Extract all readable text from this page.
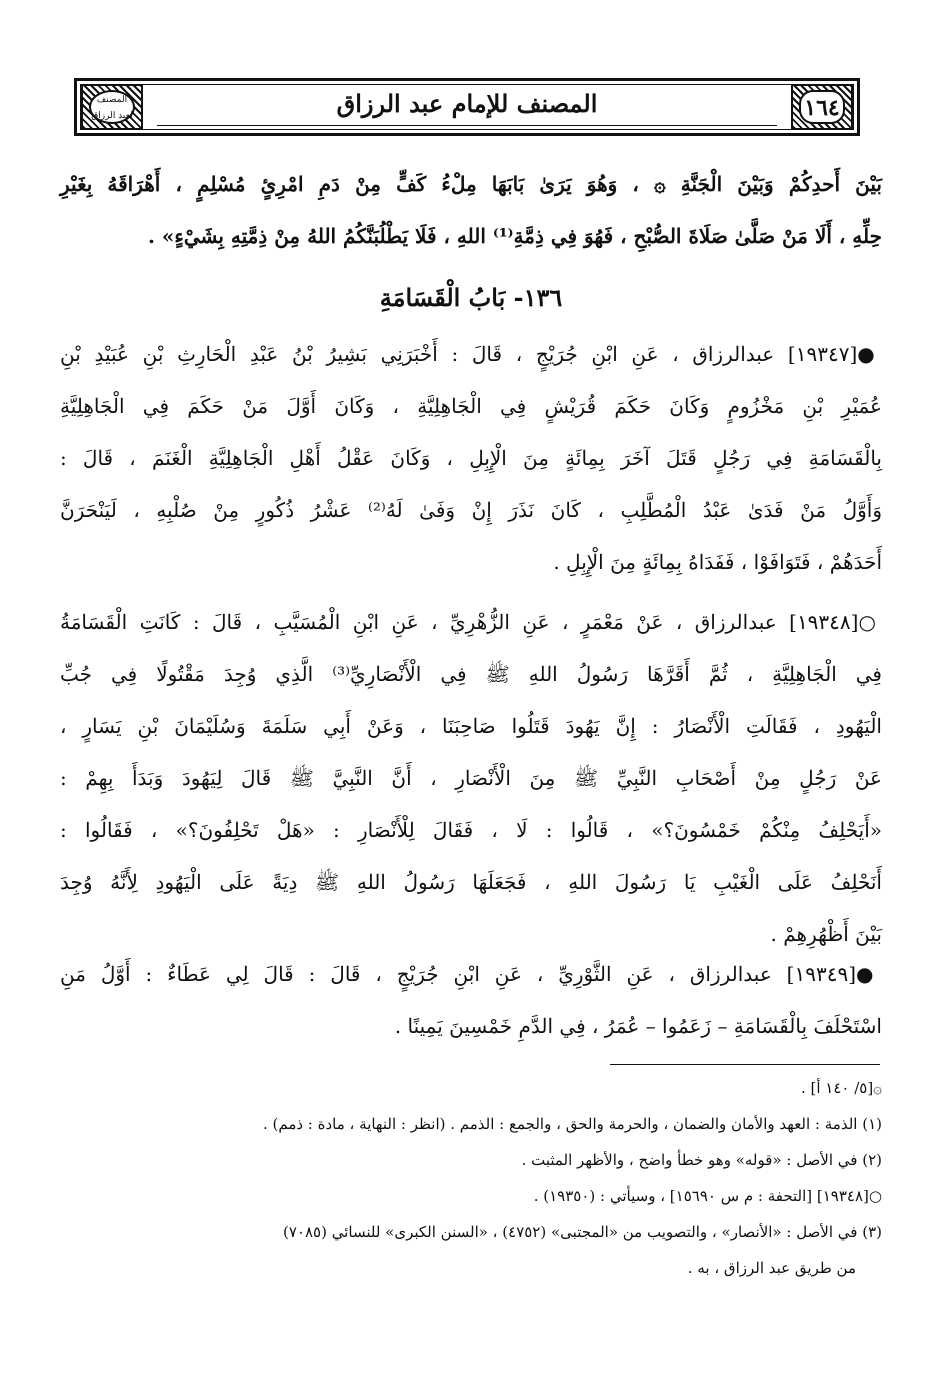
المصنف لعبد الرزاق	المصنف للإمام عبد الرزاق	١٦٤
بَيْنَ أَحدِكُمْ وَبَيْنَ الْجَنَّةِ ۞ ، وَهُوَ يَرَىٰ بَابَهَا مِلْءُ كَفٍّ مِنْ دَمِ امْرِئٍ مُسْلِمٍ ، أَهْرَاقَهُ بِغَيْرِ
حِلِّهِ ، أَلَا مَنْ صَلَّىٰ صَلَاةَ الصُّبْحِ ، فَهُوَ فِي ذِمَّةِ⁽¹⁾ اللهِ ، فَلَا يَطْلُبَنَّكُمُ اللهُ مِنْ ذِمَّتِهِ بِشَيْءٍ» .
١٣٦- بَابُ الْقَسَامَةِ
●[١٩٣٤٧] عبدالرزاق ، عَنِ ابْنِ جُرَيْجٍ ، قَالَ : أَخْبَرَنِي بَشِيرُ بْنُ عَبْدِ الْحَارِثِ بْنِ عُبَيْدِ بْنِ
عُمَيْرِ بْنِ مَخْزُومٍ وَكَانَ حَكَمَ قُرَيْشٍ فِي الْجَاهِلِيَّةِ ، وَكَانَ أَوَّلَ مَنْ حَكَمَ فِي الْجَاهِلِيَّةِ
بِالْقَسَامَةِ فِي رَجُلٍ قَتَلَ آخَرَ بِمِائَةٍ مِنَ الْإِبِلِ ، وَكَانَ عَقْلُ أَهْلِ الْجَاهِلِيَّةِ الْغَنَمَ ، قَالَ :
وَأَوَّلُ مَنْ فَدَىٰ عَبْدُ الْمُطَّلِبِ ، كَانَ نَذَرَ إِنْ وَفَىٰ لَهُ⁽²⁾ عَشْرُ ذُكُورٍ مِنْ صُلْبِهِ ، لَيَنْحَرَنَّ
أَحَدَهُمْ ، فَتَوَافَوْا ، فَفَدَاهُ بِمِائَةٍ مِنَ الْإِبِلِ .
○[١٩٣٤٨] عبدالرزاق ، عَنْ مَعْمَرٍ ، عَنِ الزُّهْرِيِّ ، عَنِ ابْنِ الْمُسَيَّبِ ، قَالَ : كَانَتِ الْقَسَامَةُ
فِي الْجَاهِلِيَّةِ ، ثُمَّ أَقَرَّهَا رَسُولُ اللهِ ﷺ فِي الْأَنْصَارِيِّ⁽³⁾ الَّذِي وُجِدَ مَقْتُولًا فِي جُبِّ
الْيَهُودِ ، فَقَالَتِ الْأَنْصَارُ : إِنَّ يَهُودَ قَتَلُوا صَاحِبَنَا ، وَعَنْ أَبِي سَلَمَةَ وَسُلَيْمَانَ بْنِ يَسَارٍ ،
عَنْ رَجُلٍ مِنْ أَصْحَابِ النَّبِيِّ ﷺ مِنَ الْأَنْصَارِ ، أَنَّ النَّبِيَّ ﷺ قَالَ لِيَهُودَ وَبَدَأَ بِهِمْ :
«أَيَحْلِفُ مِنْكُمْ خَمْسُونَ؟» ، قَالُوا : لَا ، فَقَالَ لِلْأَنْصَارِ : «هَلْ تَحْلِفُونَ؟» ، فَقَالُوا :
أَنَحْلِفُ عَلَى الْغَيْبِ يَا رَسُولَ اللهِ ، فَجَعَلَهَا رَسُولُ اللهِ ﷺ دِيَةً عَلَى الْيَهُودِ لِأَنَّهُ وُجِدَ
بَيْنَ أَظْهُرِهِمْ .
●[١٩٣٤٩] عبدالرزاق ، عَنِ الثَّوْرِيِّ ، عَنِ ابْنِ جُرَيْجٍ ، قَالَ : قَالَ لِي عَطَاءٌ : أَوَّلُ مَنِ
اسْتَحْلَفَ بِالْقَسَامَةِ – زَعَمُوا – عُمَرُ ، فِي الدَّمِ خَمْسِينَ يَمِينًا .
۞[٥/ ١٤٠ أ] .
(١) الذمة : العهد والأمان والضمان ، والحرمة والحق ، والجمع : الذمم . (انظر : النهاية ، مادة : ذمم) .
(٢) في الأصل : «قوله» وهو خطأ واضح ، والأظهر المثبت .
○[١٩٣٤٨] [التحفة : م س ١٥٦٩٠] ، وسيأتي : (١٩٣٥٠) .
(٣) في الأصل : «الأنصار» ، والتصويب من «المجتبى» (٤٧٥٢) ، «السنن الكبرى» للنسائي (٧٠٨٥)
من طريق عبد الرزاق ، به .
